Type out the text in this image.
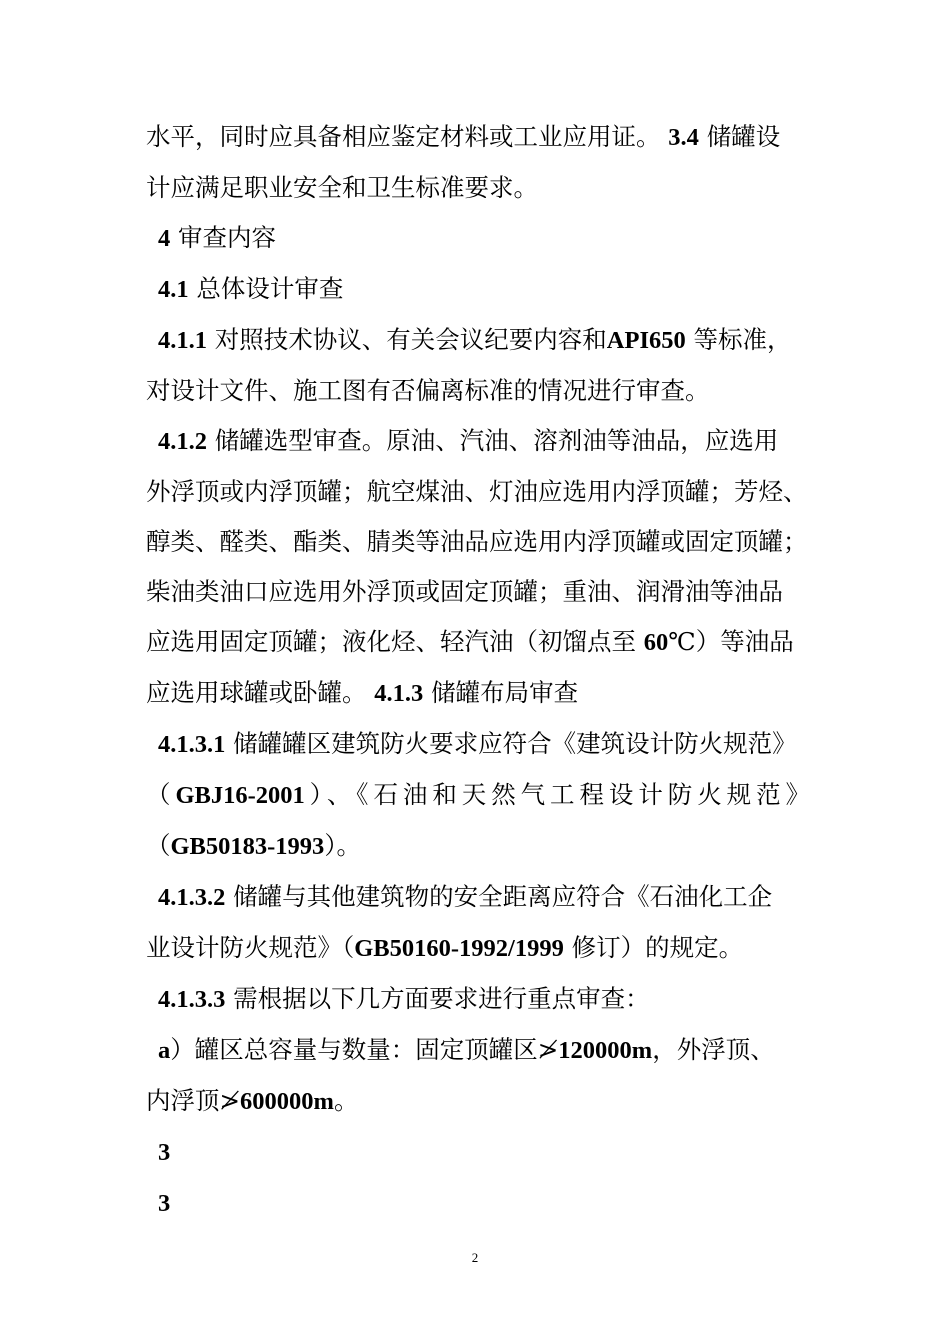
水平，同时应具备相应鉴定材料或工业应用证。 3.4 储罐设
计应满足职业安全和卫生标准要求。

4 审查内容

4.1 总体设计审查

4.1.1 对照技术协议、有关会议纪要内容和API650 等标准，
对设计文件、施工图有否偏离标准的情况进行审查。

4.1.2 储罐选型审查。原油、汽油、溶剂油等油品，应选用
外浮顶或内浮顶罐；航空煤油、灯油应选用内浮顶罐；芳烃、
醇类、醛类、酯类、腈类等油品应选用内浮顶罐或固定顶罐；
柴油类油口应选用外浮顶或固定顶罐；重油、润滑油等油品
应选用固定顶罐；液化烃、轻汽油（初馏点至 60℃）等油品
应选用球罐或卧罐。 4.1.3 储罐布局审查

4.1.3.1 储罐罐区建筑防火要求应符合《建筑设计防火规范》

（GBJ16-2001）、《石油和天然气工程设计防火规范》
（GB50183-1993）。

4.1.3.2 储罐与其他建筑物的安全距离应符合《石油化工企
业设计防火规范》（GB50160-1992/1999 修订）的规定。

4.1.3.3 需根据以下几方面要求进行重点审查：

a）罐区总容量与数量：固定顶罐区≯120000m，外浮顶、
内浮顶≯600000m。

3

3

2
